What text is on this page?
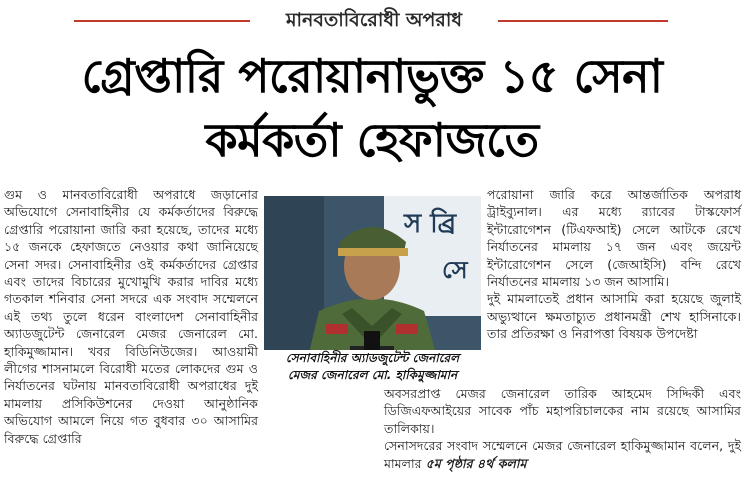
মানবতাবিরোধী অপরাধ
গ্রেপ্তারি পরোয়ানাভুক্ত ১৫ সেনা
কর্মকর্তা হেফাজতে

গুম ও মানবতাবিরোধী অপরাধে জড়ানোর অভিযোগে সেনাবাহিনীর যে কর্মকর্তাদের বিরুদ্ধে গ্রেপ্তারি পরোয়ানা জারি করা হয়েছে, তাদের মধ্যে ১৫ জনকে হেফাজতে নেওয়ার কথা জানিয়েছে সেনা সদর। সেনাবাহিনীর ওই কর্মকর্তাদের গ্রেপ্তার এবং তাদের বিচারের মুখোমুখি করার দাবির মধ্যে গতকাল শনিবার সেনা সদরে এক সংবাদ সম্মেলনে এই তথ্য তুলে ধরেন বাংলাদেশ সেনাবাহিনীর অ্যাডজুটেন্ট জেনারেল মেজর জেনারেল মো. হাকিমুজ্জামান। খবর বিডিনিউজের। আওয়ামী লীগের শাসনামলে বিরোধী মতের লোকদের গুম ও নির্যাতনের ঘটনায় মানবতাবিরোধী অপরাধের দুই মামলায় প্রসিকিউশনের দেওয়া আনুষ্ঠানিক অভিযোগ আমলে নিয়ে গত বুধবার ৩০ আসামির বিরুদ্ধে গ্রেপ্তারি

স ব্রি
সে
সেনাবাহিনীর অ্যাডজুটেন্ট জেনারেল
মেজর জেনারেল মো. হাকিমুজ্জামান

পরোয়ানা জারি করে আন্তর্জাতিক অপরাধ ট্রাইব্যুনাল। এর মধ্যে র‍্যাবের টাস্কফোর্স ইন্টারোগেশন (টিএফআই) সেলে আটকে রেখে নির্যাতনের মামলায় ১৭ জন এবং জয়েন্ট ইন্টারোগেশন সেলে (জেআইসি) বন্দি রেখে নির্যাতনের মামলায় ১৩ জন আসামি।

দুই মামলাতেই প্রধান আসামি করা হয়েছে জুলাই অভ্যুত্থানে ক্ষমতাচ্যুত প্রধানমন্ত্রী শেখ হাসিনাকে। তার প্রতিরক্ষা ও নিরাপত্তা বিষয়ক উপদেষ্টা

অবসরপ্রাপ্ত মেজর জেনারেল তারিক আহমেদ সিদ্দিকী এবং ডিজিএফআইয়ের সাবেক পাঁচ মহাপরিচালকের নাম রয়েছে আসামির তালিকায়।

সেনাসদরের সংবাদ সম্মেলনে মেজর জেনারেল হাকিমুজ্জামান বলেন, দুই মামলার ৫ম পৃষ্ঠার ৪র্থ কলাম
